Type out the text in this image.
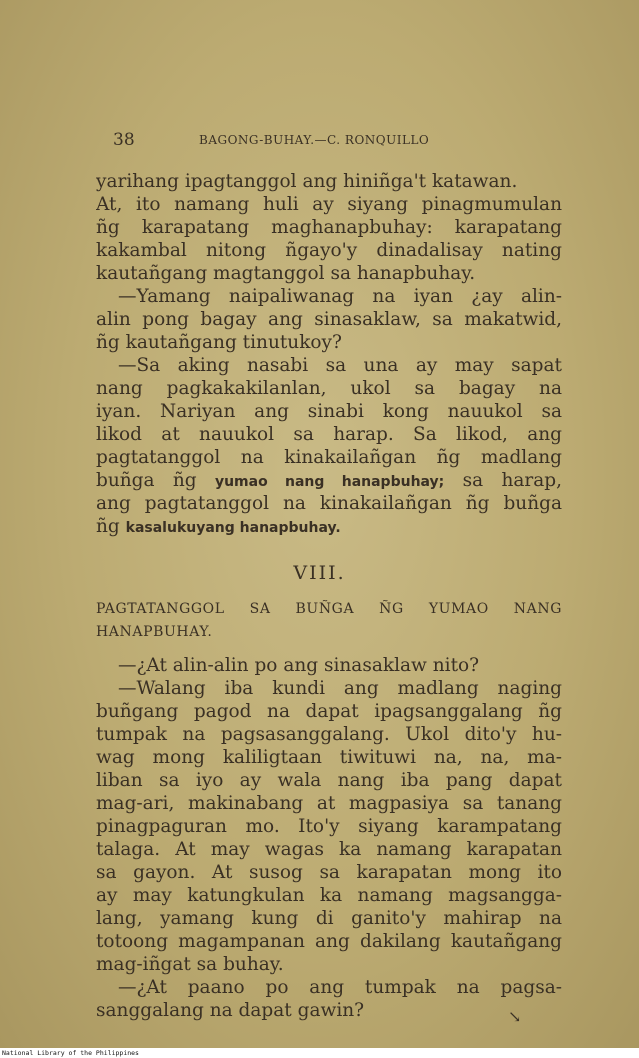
38	BAGONG-BUHAY.—C. RONQUILLO
yarihang ipagtanggol ang hiniñga't katawan.
At, ito namang huli ay siyang pinagmumulan
ñg karapatang maghanapbuhay: karapatang
kakambal nitong ñgayo'y dinadalisay nating
kautañgang magtanggol sa hanapbuhay.
—Yamang naipaliwanag na iyan ¿ay alin-
alin pong bagay ang sinasaklaw, sa makatwid,
ñg kautañgang tinutukoy?
—Sa aking nasabi sa una ay may sapat
nang pagkakakilanlan, ukol sa bagay na
iyan. Nariyan ang sinabi kong nauukol sa
likod at nauukol sa harap. Sa likod, ang
pagtatanggol na kinakailañgan ñg madlang
buñga ñg yumao nang hanapbuhay; sa harap,
ang pagtatanggol na kinakailañgan ñg buñga
ñg kasalukuyang hanapbuhay.
VIII.
PAGTATANGGOL SA BUÑGA ÑG YUMAO NANG
HANAPBUHAY.
—¿At alin-alin po ang sinasaklaw nito?
—Walang iba kundi ang madlang naging
buñgang pagod na dapat ipagsanggalang ñg
tumpak na pagsasanggalang. Ukol dito'y hu-
wag mong kaliligtaan tiwituwi na, na, ma-
liban sa iyo ay wala nang iba pang dapat
mag-ari, makinabang at magpasiya sa tanang
pinagpaguran mo. Ito'y siyang karampatang
talaga. At may wagas ka namang karapatan
sa gayon. At susog sa karapatan mong ito
ay may katungkulan ka namang magsangga-
lang, yamang kung di ganito'y mahirap na
totoong magampanan ang dakilang kautañgang
mag-iñgat sa buhay.
—¿At paano po ang tumpak na pagsa-
sanggalang na dapat gawin?	↘
National Library of the Philippines
